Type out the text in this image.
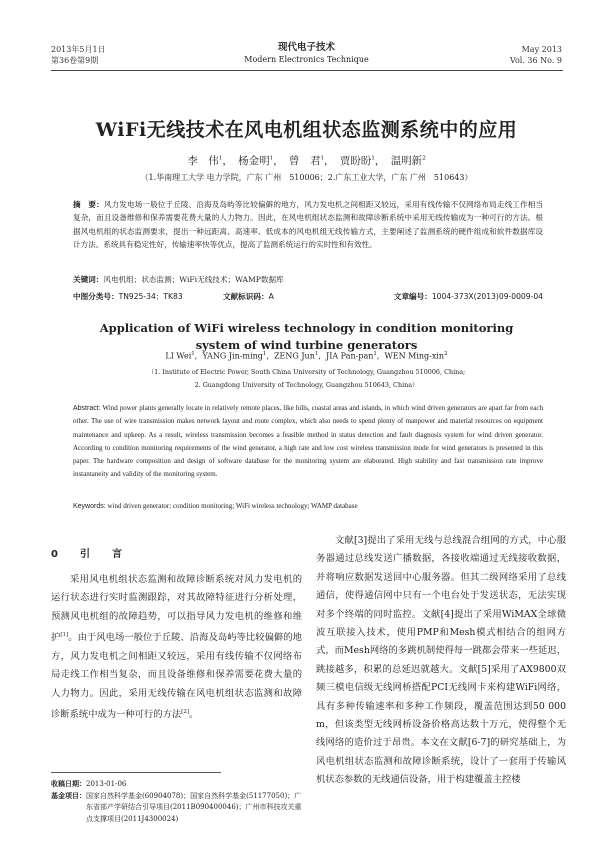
2013年5月1日
第36卷第9期
现代电子技术
Modern Electronics Technique
May 2013
Vol. 36 No. 9
WiFi无线技术在风电机组状态监测系统中的应用
李　伟$^1$， 杨金明$^1$， 曾　君$^1$， 贾盼盼$^1$， 温明新$^2$
（1.华南理工大学 电力学院，广东 广州　510006；2.广东工业大学，广东 广州　510643）
摘　要：风力发电场一般位于丘陵、沿海及岛屿等比较偏僻的地方，风力发电机之间相距又较远，采用有线传输不仅网络布局走线工作相当复杂，而且设备维修和保养需要花费大量的人力物力。因此，在风电机组状态监测和故障诊断系统中采用无线传输成为一种可行的方法。根据风电机组的状态监测要求，提出一种远距离、高速率、低成本的风电机组无线传输方式，主要阐述了监测系统的硬件组成和软件数据库设计方法。系统具有稳定性好，传输速率快等优点，提高了监测系统运行的实时性和有效性。
关键词：风电机组；状态监测；WiFi无线技术；WAMP数据库
中图分类号：TN925-34；TK83	文献标识码：A	文章编号：1004-373X(2013)09-0009-04
Application of WiFi wireless technology in condition monitoring
system of wind turbine generators
LI Wei$^1$,  YANG Jin-ming$^1$,  ZENG Jun$^1$,  JIA Pan-pan$^1$,  WEN Ming-xin$^2$
（1. Institute of Electric Power, South China University of Technology, Guangzhou 510006, China;
2. Guangdong University of Technology, Guangzhou 510643, China）
Abstract: Wind power plants generally locate in relatively remote places, like hills, coastal areas and islands, in which wind driven generators are apart far from each other. The use of wire transmission makes network layout and route complex, which also needs to spend plenty of manpower and material resources on equipment maintenance and upkeep. As a result, wireless transmission becomes a feasible method in status detection and fault diagnosis system for wind driven generator. According to condition monitoring requirements of the wind generator, a high rate and low cost wireless transmission mode for wind generators is presented in this paper. The hardware composition and design of software database for the monitoring system are elaborated. High stability and fast transmission rate improve instantaneity and validity of the monitoring system.
Keywords: wind driven generator; condition monitoring; WiFi wireless technology; WAMP database
0　引　言
采用风电机组状态监测和故障诊断系统对风力发电机的运行状态进行实时监测跟踪，对其故障特征进行分析处理，预测风电机组的故障趋势，可以指导风力发电机的维修和维护[1]。由于风电场一般位于丘陵、沿海及岛屿等比较偏僻的地方，风力发电机之间相距又较远，采用有线传输不仅网络布局走线工作相当复杂，而且设备维修和保养需要花费大量的人力物力。因此，采用无线传输在风电机组状态监测和故障诊断系统中成为一种可行的方法[2]。
文献[3]提出了采用无线与总线混合组网的方式，中心服务器通过总线发送广播数据，各接收端通过无线接收数据，并将响应数据发送回中心服务器。但其二级网络采用了总线通信，使得通信网中只有一个电台处于发送状态，无法实现对多个终端的同时监控。文献[4]提出了采用WiMAX全球微波互联接入技术，使用PMP和Mesh模式相结合的组网方式，而Mesh网络的多跳机制使得每一跳都会带来一些延迟，跳接越多，积累的总延迟就越大。文献[5]采用了AX9800双频三模电信级无线网桥搭配PCI无线网卡来构建WiFi网络，具有多种传输速率和多种工作频段，覆盖范围达到50 000 m，但该类型无线网桥设备价格高达数十万元，使得整个无线网络的造价过于昂贵。本文在文献[6-7]的研究基础上，为风电机组状态监测和故障诊断系统，设计了一套用于传输风机状态参数的无线通信设备，用于构建覆盖主控楼
收稿日期： 2013-01-06
基金项目： 国家自然科学基金(60904078)；国家自然科学基金(51177050)；广东省部产学研结合引导项目(2011B090400046)；广州市科技攻关重点支撑项目(2011J4300024)
